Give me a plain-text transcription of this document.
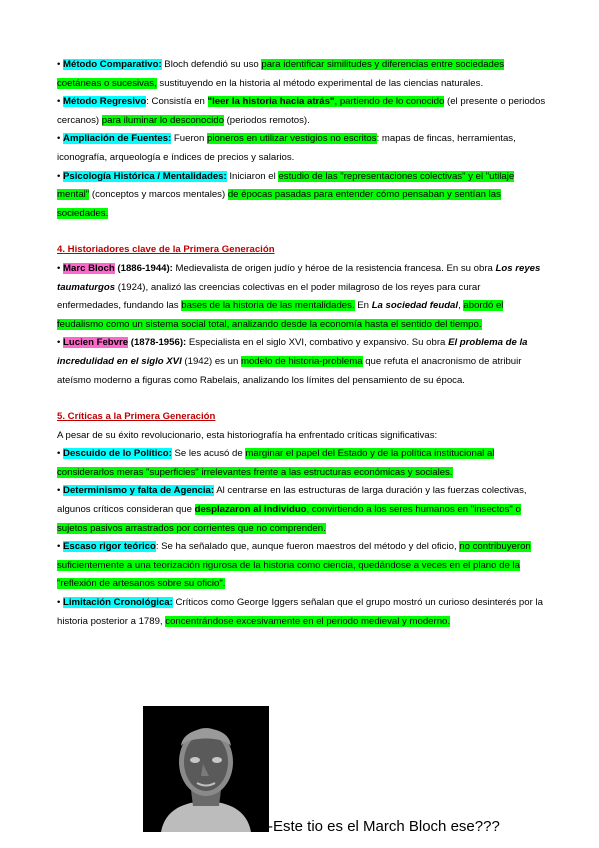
• Método Comparativo: Bloch defendió su uso para identificar similitudes y diferencias entre sociedades coetáneas o sucesivas, sustituyendo en la historia al método experimental de las ciencias naturales.

• Método Regresivo: Consistía en "leer la historia hacia atrás", partiendo de lo conocido (el presente o periodos cercanos) para iluminar lo desconocido (periodos remotos).

• Ampliación de Fuentes: Fueron pioneros en utilizar vestigios no escritos: mapas de fincas, herramientas, iconografía, arqueología e índices de precios y salarios.

• Psicología Histórica / Mentalidades: Iniciaron el estudio de las "representaciones colectivas" y el "utilaje mental" (conceptos y marcos mentales) de épocas pasadas para entender cómo pensaban y sentían las sociedades.

4. Historiadores clave de la Primera Generación

• Marc Bloch (1886-1944): Medievalista de origen judío y héroe de la resistencia francesa. En su obra Los reyes taumaturgos (1924), analizó las creencias colectivas en el poder milagroso de los reyes para curar enfermedades, fundando las bases de la historia de las mentalidades. En La sociedad feudal, abordó el feudalismo como un sistema social total, analizando desde la economía hasta el sentido del tiempo.

• Lucien Febvre (1878-1956): Especialista en el siglo XVI, combativo y expansivo. Su obra El problema de la incredulidad en el siglo XVI (1942) es un modelo de historia-problema que refuta el anacronismo de atribuir ateísmo moderno a figuras como Rabelais, analizando los límites del pensamiento de su época.

5. Críticas a la Primera Generación

A pesar de su éxito revolucionario, esta historiografía ha enfrentado críticas significativas:

• Descuido de lo Político: Se les acusó de marginar el papel del Estado y de la política institucional al considerarlos meras "superficies" irrelevantes frente a las estructuras económicas y sociales.

• Determinismo y falta de Agencia: Al centrarse en las estructuras de larga duración y las fuerzas colectivas, algunos críticos consideran que desplazaron al individuo, convirtiendo a los seres humanos en "insectos" o sujetos pasivos arrastrados por corrientes que no comprenden.

• Escaso rigor teórico: Se ha señalado que, aunque fueron maestros del método y del oficio, no contribuyeron suficientemente a una teorización rigurosa de la historia como ciencia, quedándose a veces en el plano de la "reflexión de artesanos sobre su oficio".

• Limitación Cronológica: Críticos como George Iggers señalan que el grupo mostró un curioso desinterés por la historia posterior a 1789, concentrándose excesivamente en el periodo medieval y moderno.

-Este tio es el March Bloch ese???
